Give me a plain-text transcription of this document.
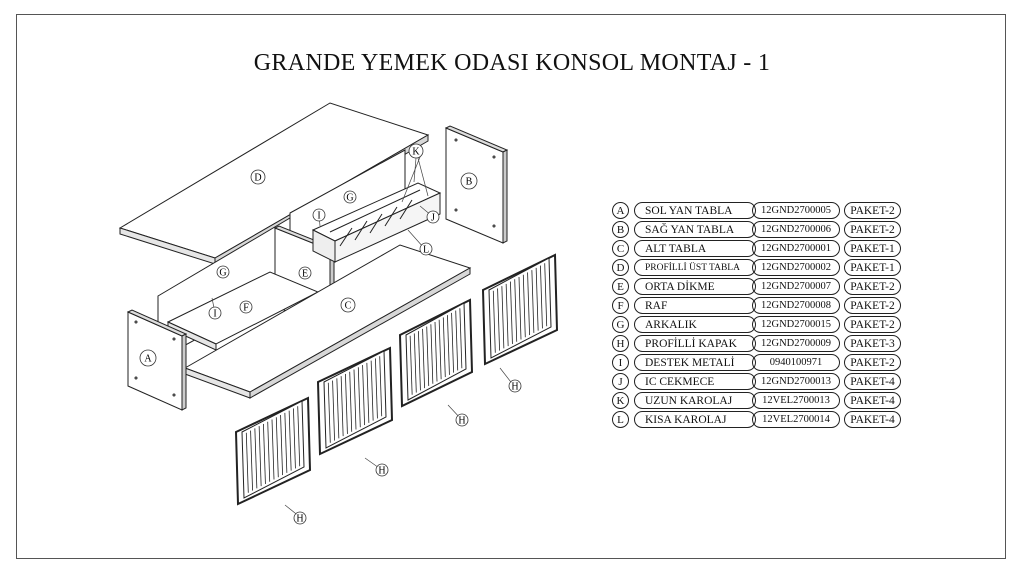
GRANDE YEMEK ODASI KONSOL MONTAJ - 1
D	B
K
G
I	J
L
G	E
F
I
C
A
H
H
H
H
A	SOL YAN TABLA	12GND2700005	PAKET-2
B	SAĞ YAN TABLA	12GND2700006	PAKET-2
C	ALT TABLA	12GND2700001	PAKET-1
D	PROFİLLİ ÜST TABLA	12GND2700002	PAKET-1
E	ORTA DİKME	12GND2700007	PAKET-2
F	RAF	12GND2700008	PAKET-2
G	ARKALIK	12GND2700015	PAKET-2
H	PROFİLLİ KAPAK	12GND2700009	PAKET-3
I	DESTEK METALİ	0940100971	PAKET-2
J	IC CEKMECE	12GND2700013	PAKET-4
K	UZUN KAROLAJ	12VEL2700013	PAKET-4
L	KISA KAROLAJ	12VEL2700014	PAKET-4
